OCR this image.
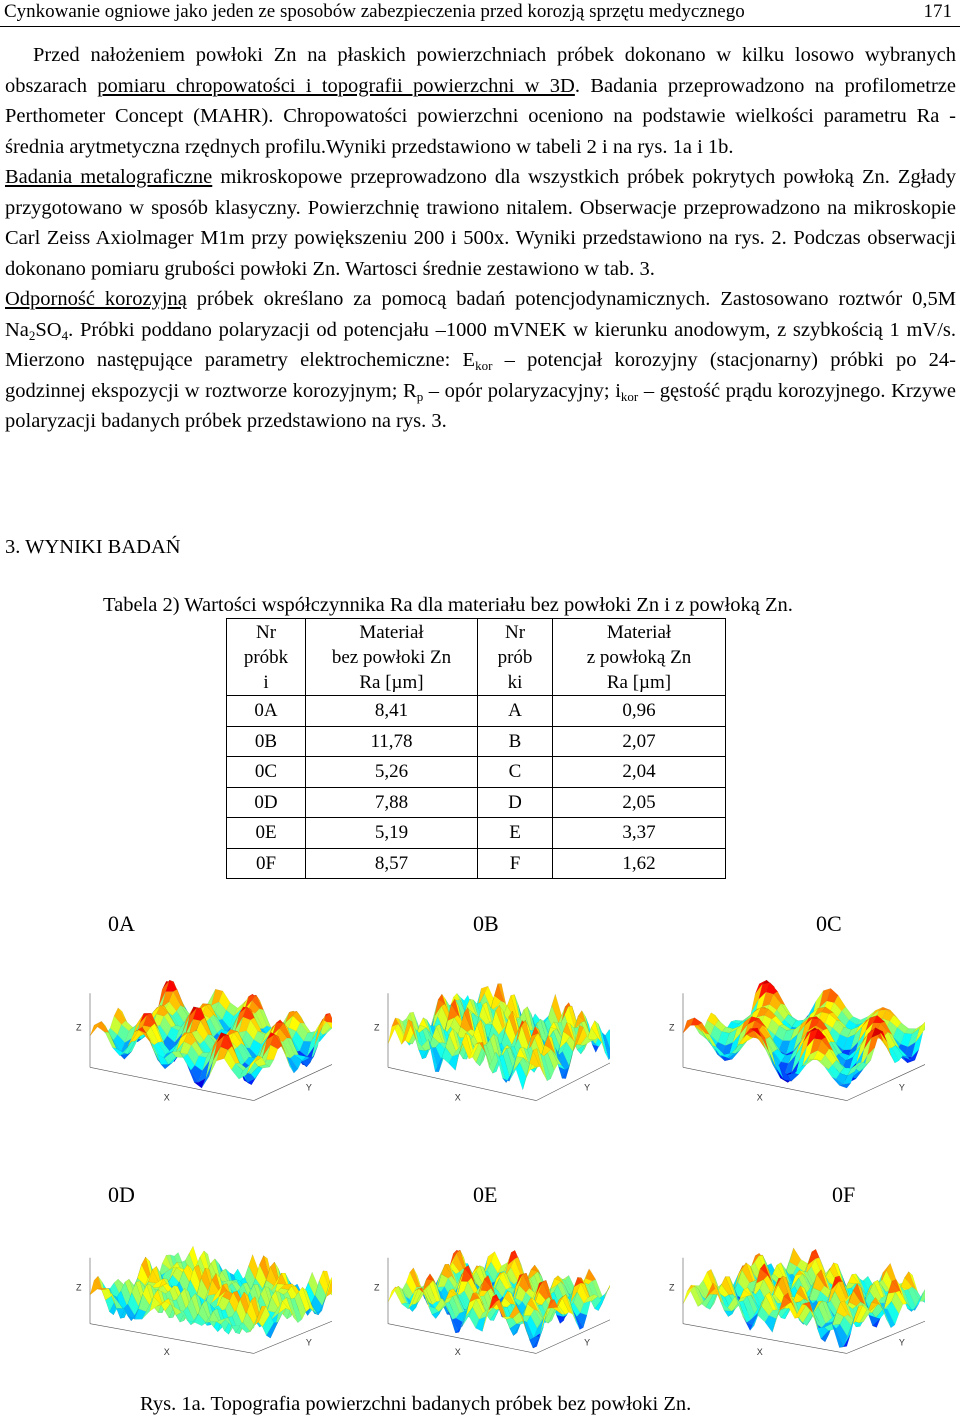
Cynkowanie ogniowe jako jeden ze sposobów zabezpieczenia przed korozją sprzętu medycznego	171

Przed nałożeniem powłoki Zn na płaskich powierzchniach próbek dokonano w kilku losowo wybranych obszarach pomiaru chropowatości i topografii powierzchni w 3D. Badania przeprowadzono na profilometrze Perthometer Concept (MAHR). Chropowatości powierzchni oceniono na podstawie wielkości parametru Ra - średnia arytmetyczna rzędnych profilu.Wyniki przedstawiono w tabeli 2 i na rys. 1a i 1b.

Badania metalograficzne mikroskopowe przeprowadzono dla wszystkich próbek pokrytych powłoką Zn. Zgłady przygotowano w sposób klasyczny. Powierzchnię trawiono nitalem. Obserwacje przeprowadzono na mikroskopie Carl Zeiss Axiolmager M1m przy powiększeniu 200 i 500x. Wyniki przedstawiono na rys. 2. Podczas obserwacji dokonano pomiaru grubości powłoki Zn. Wartosci średnie zestawiono w tab. 3.

Odporność korozyjną próbek określano za pomocą badań potencjodynamicznych. Zastosowano roztwór 0,5M $Na_2SO_4$. Próbki poddano polaryzacji od potencjału –1000 mVNEK w kierunku anodowym, z szybkością 1 mV/s. Mierzono następujące parametry elektrochemiczne: $E_{kor}$ – potencjał korozyjny (stacjonarny) próbki po 24-godzinnej ekspozycji w roztworze korozyjnym; $R_p$ – opór polaryzacyjny; $i_{kor}$ – gęstość prądu korozyjnego. Krzywe polaryzacji badanych próbek przedstawiono na rys. 3.

3. WYNIKI BADAŃ
Tabela 2) Wartości współczynnika Ra dla materiału bez powłoki Zn i z powłoką Zn.
Nr
próbk
i	Materiał
bez powłoki Zn
Ra [µm]	Nr
prób
ki	Materiał
z powłoką Zn
Ra [µm]
0A	8,41	A	0,96
0B	11,78	B	2,07
0C	5,26	C	2,04
0D	7,88	D	2,05
0E	5,19	E	3,37
0F	8,57	F	1,62
0A	0B	0C
0D	0E	0F
X
Y
Z
X
Y
Z
X
Y
Z
X
Y
Z
X
Y
Z
X
Y
Z
Rys. 1a. Topografia powierzchni badanych próbek bez powłoki Zn.
